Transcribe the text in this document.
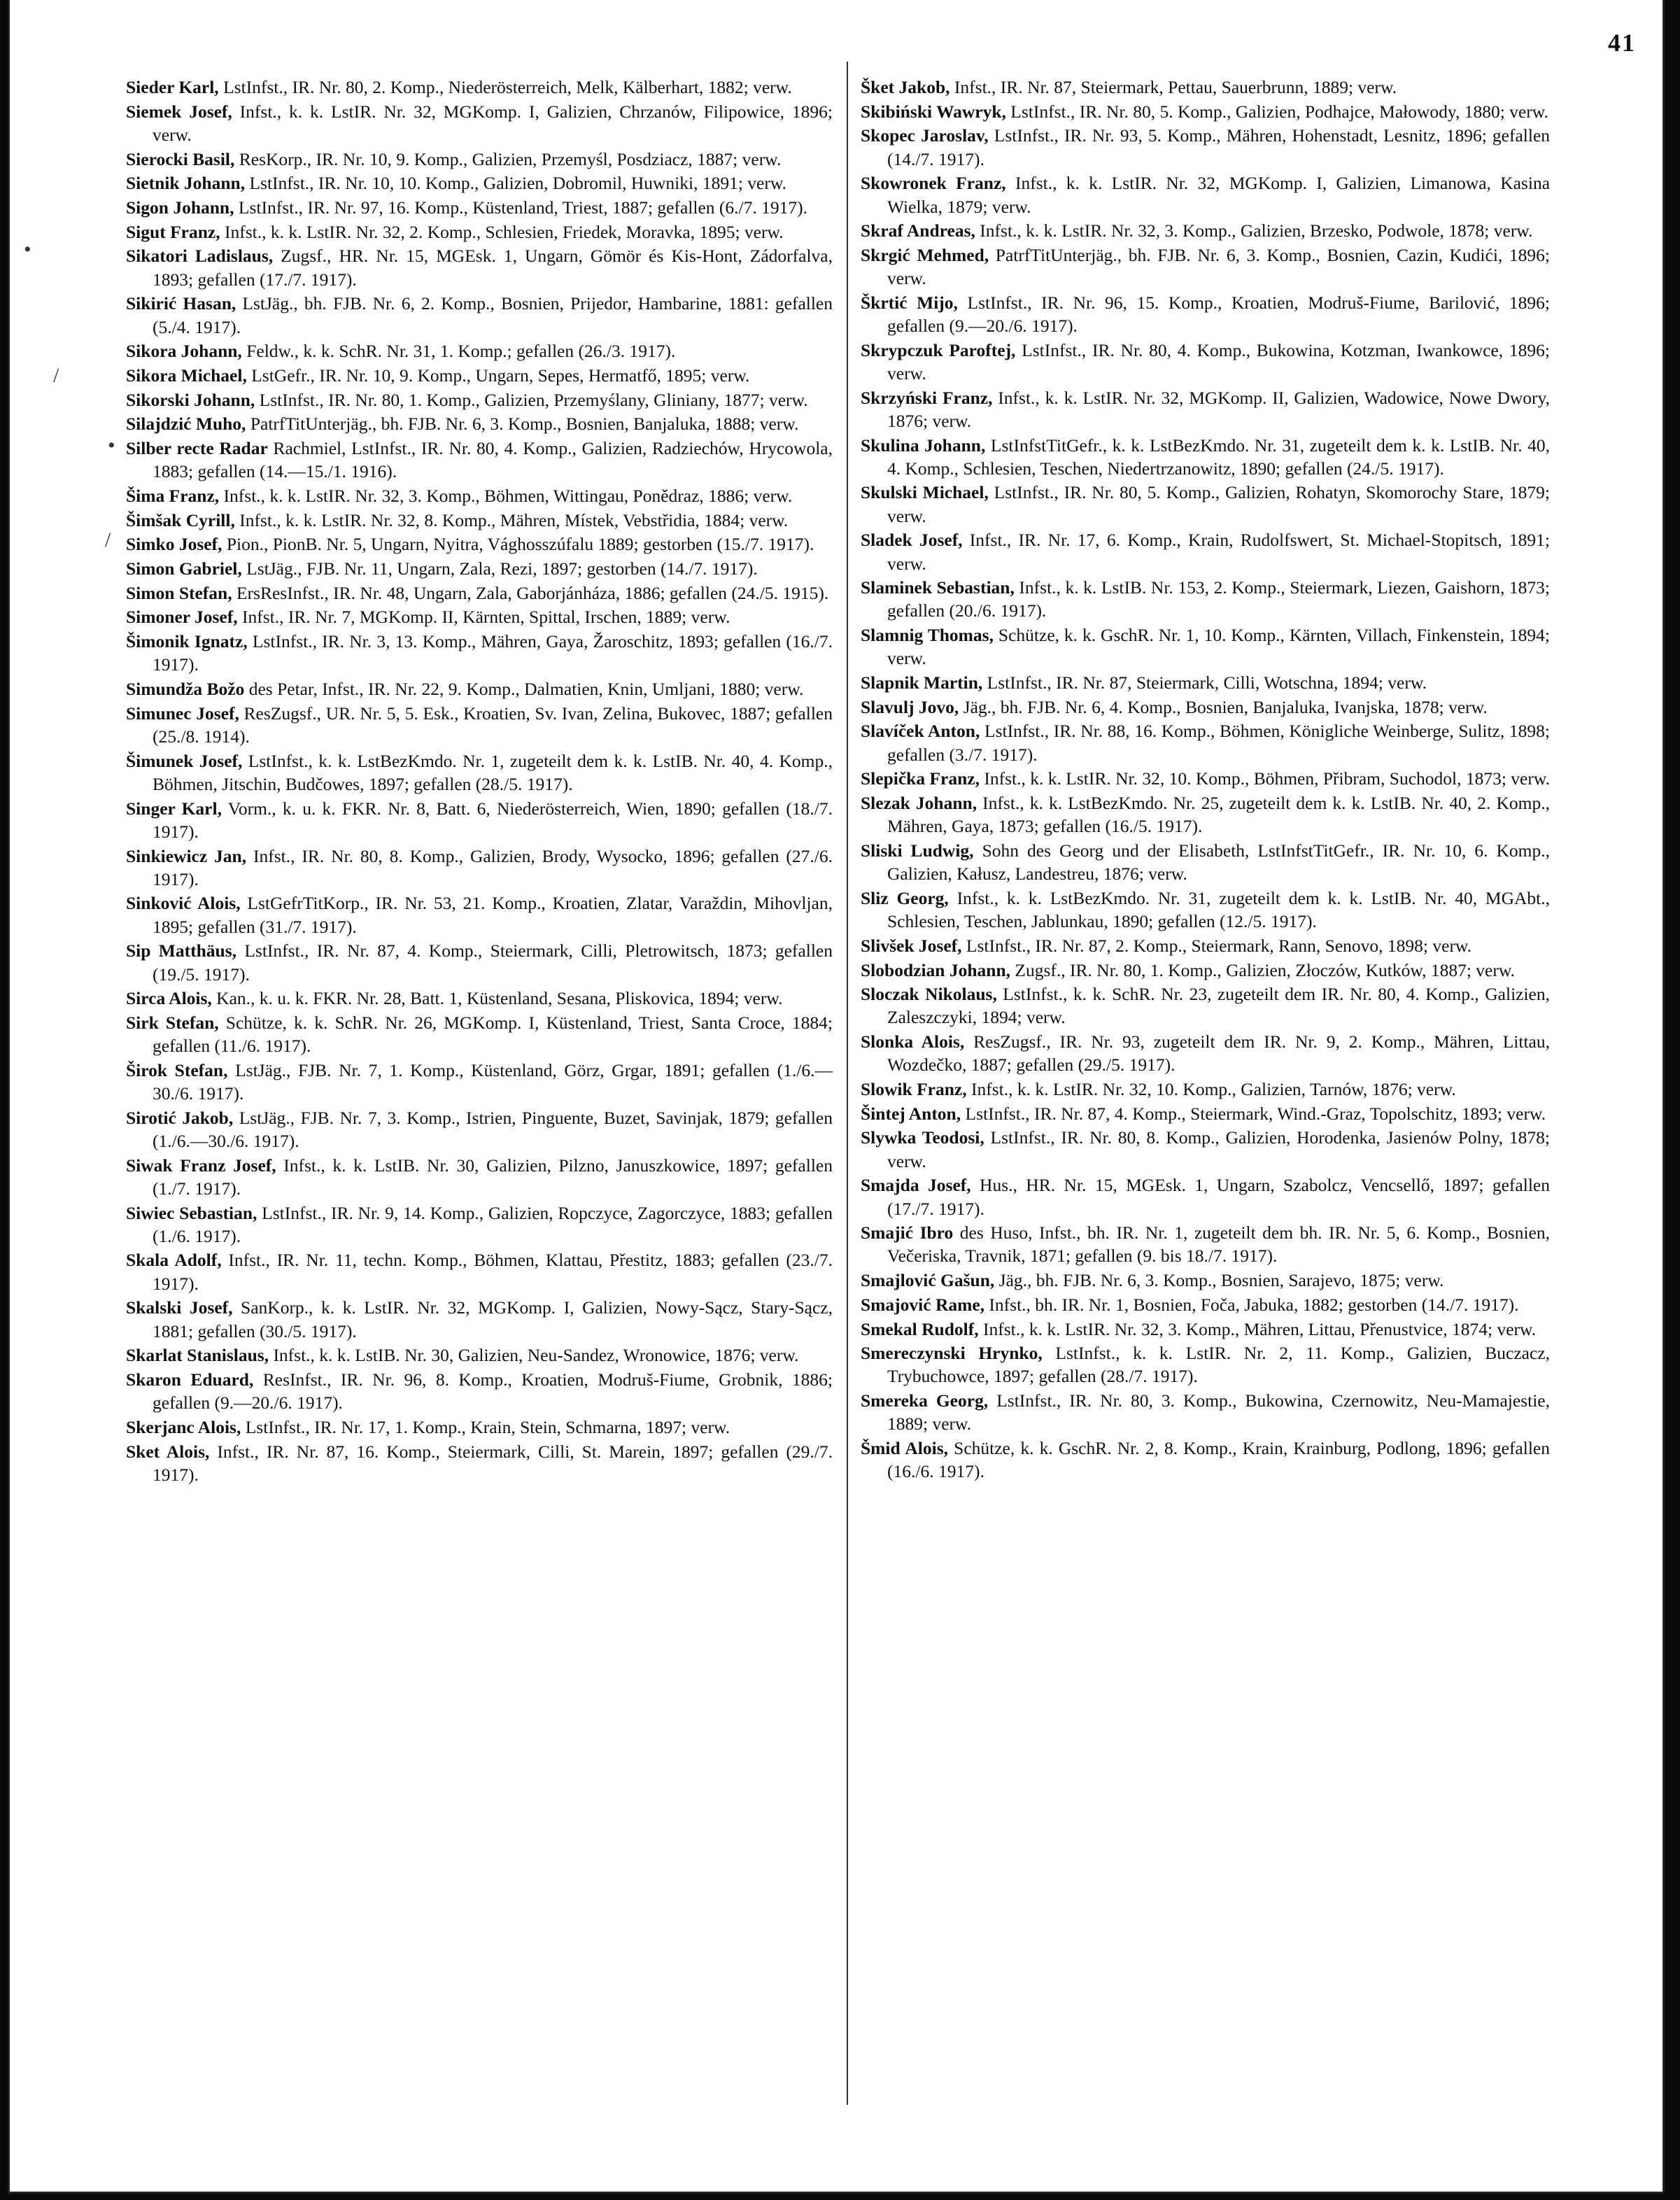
41
•
/
•
/

Sieder Karl, LstInfst., IR. Nr. 80, 2. Komp., Niederösterreich, Melk, Kälberhart, 1882; verw.

Siemek Josef, Infst., k. k. LstIR. Nr. 32, MGKomp. I, Galizien, Chrzanów, Filipowice, 1896; verw.

Sierocki Basil, ResKorp., IR. Nr. 10, 9. Komp., Galizien, Przemyśl, Posdziacz, 1887; verw.

Sietnik Johann, LstInfst., IR. Nr. 10, 10. Komp., Galizien, Dobromil, Huwniki, 1891; verw.

Sigon Johann, LstInfst., IR. Nr. 97, 16. Komp., Küstenland, Triest, 1887; gefallen (6./7. 1917).

Sigut Franz, Infst., k. k. LstIR. Nr. 32, 2. Komp., Schlesien, Friedek, Moravka, 1895; verw.

Sikatori Ladislaus, Zugsf., HR. Nr. 15, MGEsk. 1, Ungarn, Gömör és Kis-Hont, Zádorfalva, 1893; gefallen (17./7. 1917).

Sikirić Hasan, LstJäg., bh. FJB. Nr. 6, 2. Komp., Bosnien, Prijedor, Hambarine, 1881: gefallen (5./4. 1917).

Sikora Johann, Feldw., k. k. SchR. Nr. 31, 1. Komp.; gefallen (26./3. 1917).

Sikora Michael, LstGefr., IR. Nr. 10, 9. Komp., Ungarn, Sepes, Hermatfő, 1895; verw.

Sikorski Johann, LstInfst., IR. Nr. 80, 1. Komp., Galizien, Przemyślany, Gliniany, 1877; verw.

Silajdzić Muho, PatrfTitUnterjäg., bh. FJB. Nr. 6, 3. Komp., Bosnien, Banjaluka, 1888; verw.

Silber recte Radar Rachmiel, LstInfst., IR. Nr. 80, 4. Komp., Galizien, Radziechów, Hrycowola, 1883; gefallen (14.—15./1. 1916).

Šima Franz, Infst., k. k. LstIR. Nr. 32, 3. Komp., Böhmen, Wittingau, Ponědraz, 1886; verw.

Šimšak Cyrill, Infst., k. k. LstIR. Nr. 32, 8. Komp., Mähren, Místek, Vebstřidia, 1884; verw.

Simko Josef, Pion., PionB. Nr. 5, Ungarn, Nyitra, Vághosszúfalu 1889; gestorben (15./7. 1917).

Simon Gabriel, LstJäg., FJB. Nr. 11, Ungarn, Zala, Rezi, 1897; gestorben (14./7. 1917).

Simon Stefan, ErsResInfst., IR. Nr. 48, Ungarn, Zala, Gaborjánháza, 1886; gefallen (24./5. 1915).

Simoner Josef, Infst., IR. Nr. 7, MGKomp. II, Kärnten, Spittal, Irschen, 1889; verw.

Šimonik Ignatz, LstInfst., IR. Nr. 3, 13. Komp., Mähren, Gaya, Žaroschitz, 1893; gefallen (16./7. 1917).

Simundža Božo des Petar, Infst., IR. Nr. 22, 9. Komp., Dalmatien, Knin, Umljani, 1880; verw.

Simunec Josef, ResZugsf., UR. Nr. 5, 5. Esk., Kroatien, Sv. Ivan, Zelina, Bukovec, 1887; gefallen (25./8. 1914).

Šimunek Josef, LstInfst., k. k. LstBezKmdo. Nr. 1, zugeteilt dem k. k. LstIB. Nr. 40, 4. Komp., Böhmen, Jitschin, Budčowes, 1897; gefallen (28./5. 1917).

Singer Karl, Vorm., k. u. k. FKR. Nr. 8, Batt. 6, Niederösterreich, Wien, 1890; gefallen (18./7. 1917).

Sinkiewicz Jan, Infst., IR. Nr. 80, 8. Komp., Galizien, Brody, Wysocko, 1896; gefallen (27./6. 1917).

Sinković Alois, LstGefrTitKorp., IR. Nr. 53, 21. Komp., Kroatien, Zlatar, Varaždin, Mihovljan, 1895; gefallen (31./7. 1917).

Sip Matthäus, LstInfst., IR. Nr. 87, 4. Komp., Steiermark, Cilli, Pletrowitsch, 1873; gefallen (19./5. 1917).

Sirca Alois, Kan., k. u. k. FKR. Nr. 28, Batt. 1, Küstenland, Sesana, Pliskovica, 1894; verw.

Sirk Stefan, Schütze, k. k. SchR. Nr. 26, MGKomp. I, Küstenland, Triest, Santa Croce, 1884; gefallen (11./6. 1917).

Širok Stefan, LstJäg., FJB. Nr. 7, 1. Komp., Küstenland, Görz, Grgar, 1891; gefallen (1./6.—30./6. 1917).

Sirotić Jakob, LstJäg., FJB. Nr. 7, 3. Komp., Istrien, Pinguente, Buzet, Savinjak, 1879; gefallen (1./6.—30./6. 1917).

Siwak Franz Josef, Infst., k. k. LstIB. Nr. 30, Galizien, Pilzno, Januszkowice, 1897; gefallen (1./7. 1917).

Siwiec Sebastian, LstInfst., IR. Nr. 9, 14. Komp., Galizien, Ropczyce, Zagorczyce, 1883; gefallen (1./6. 1917).

Skala Adolf, Infst., IR. Nr. 11, techn. Komp., Böhmen, Klattau, Přestitz, 1883; gefallen (23./7. 1917).

Skalski Josef, SanKorp., k. k. LstIR. Nr. 32, MGKomp. I, Galizien, Nowy-Sącz, Stary-Sącz, 1881; gefallen (30./5. 1917).

Skarlat Stanislaus, Infst., k. k. LstIB. Nr. 30, Galizien, Neu-Sandez, Wronowice, 1876; verw.

Skaron Eduard, ResInfst., IR. Nr. 96, 8. Komp., Kroatien, Modruš-Fiume, Grobnik, 1886; gefallen (9.—20./6. 1917).

Skerjanc Alois, LstInfst., IR. Nr. 17, 1. Komp., Krain, Stein, Schmarna, 1897; verw.

Sket Alois, Infst., IR. Nr. 87, 16. Komp., Steiermark, Cilli, St. Marein, 1897; gefallen (29./7. 1917).

Šket Jakob, Infst., IR. Nr. 87, Steiermark, Pettau, Sauerbrunn, 1889; verw.

Skibiński Wawryk, LstInfst., IR. Nr. 80, 5. Komp., Galizien, Podhajce, Małowody, 1880; verw.

Skopec Jaroslav, LstInfst., IR. Nr. 93, 5. Komp., Mähren, Hohenstadt, Lesnitz, 1896; gefallen (14./7. 1917).

Skowronek Franz, Infst., k. k. LstIR. Nr. 32, MGKomp. I, Galizien, Limanowa, Kasina Wielka, 1879; verw.

Skraf Andreas, Infst., k. k. LstIR. Nr. 32, 3. Komp., Galizien, Brzesko, Podwole, 1878; verw.

Skrgić Mehmed, PatrfTitUnterjäg., bh. FJB. Nr. 6, 3. Komp., Bosnien, Cazin, Kudići, 1896; verw.

Škrtić Mijo, LstInfst., IR. Nr. 96, 15. Komp., Kroatien, Modruš-Fiume, Barilović, 1896; gefallen (9.—20./6. 1917).

Skrypczuk Paroftej, LstInfst., IR. Nr. 80, 4. Komp., Bukowina, Kotzman, Iwankowce, 1896; verw.

Skrzyński Franz, Infst., k. k. LstIR. Nr. 32, MGKomp. II, Galizien, Wadowice, Nowe Dwory, 1876; verw.

Skulina Johann, LstInfstTitGefr., k. k. LstBezKmdo. Nr. 31, zugeteilt dem k. k. LstIB. Nr. 40, 4. Komp., Schlesien, Teschen, Niedertrzanowitz, 1890; gefallen (24./5. 1917).

Skulski Michael, LstInfst., IR. Nr. 80, 5. Komp., Galizien, Rohatyn, Skomorochy Stare, 1879; verw.

Sladek Josef, Infst., IR. Nr. 17, 6. Komp., Krain, Rudolfswert, St. Michael-Stopitsch, 1891; verw.

Slaminek Sebastian, Infst., k. k. LstIB. Nr. 153, 2. Komp., Steiermark, Liezen, Gaishorn, 1873; gefallen (20./6. 1917).

Slamnig Thomas, Schütze, k. k. GschR. Nr. 1, 10. Komp., Kärnten, Villach, Finkenstein, 1894; verw.

Slapnik Martin, LstInfst., IR. Nr. 87, Steiermark, Cilli, Wotschna, 1894; verw.

Slavulj Jovo, Jäg., bh. FJB. Nr. 6, 4. Komp., Bosnien, Banjaluka, Ivanjska, 1878; verw.

Slavíček Anton, LstInfst., IR. Nr. 88, 16. Komp., Böhmen, Königliche Weinberge, Sulitz, 1898; gefallen (3./7. 1917).

Slepička Franz, Infst., k. k. LstIR. Nr. 32, 10. Komp., Böhmen, Přibram, Suchodol, 1873; verw.

Slezak Johann, Infst., k. k. LstBezKmdo. Nr. 25, zugeteilt dem k. k. LstIB. Nr. 40, 2. Komp., Mähren, Gaya, 1873; gefallen (16./5. 1917).

Sliski Ludwig, Sohn des Georg und der Elisabeth, LstInfstTitGefr., IR. Nr. 10, 6. Komp., Galizien, Kałusz, Landestreu, 1876; verw.

Sliz Georg, Infst., k. k. LstBezKmdo. Nr. 31, zugeteilt dem k. k. LstIB. Nr. 40, MGAbt., Schlesien, Teschen, Jablunkau, 1890; gefallen (12./5. 1917).

Slivšek Josef, LstInfst., IR. Nr. 87, 2. Komp., Steiermark, Rann, Senovo, 1898; verw.

Slobodzian Johann, Zugsf., IR. Nr. 80, 1. Komp., Galizien, Złoczów, Kutków, 1887; verw.

Sloczak Nikolaus, LstInfst., k. k. SchR. Nr. 23, zugeteilt dem IR. Nr. 80, 4. Komp., Galizien, Zaleszczyki, 1894; verw.

Slonka Alois, ResZugsf., IR. Nr. 93, zugeteilt dem IR. Nr. 9, 2. Komp., Mähren, Littau, Wozdečko, 1887; gefallen (29./5. 1917).

Slowik Franz, Infst., k. k. LstIR. Nr. 32, 10. Komp., Galizien, Tarnów, 1876; verw.

Šintej Anton, LstInfst., IR. Nr. 87, 4. Komp., Steiermark, Wind.-Graz, Topolschitz, 1893; verw.

Slywka Teodosi, LstInfst., IR. Nr. 80, 8. Komp., Galizien, Horodenka, Jasienów Polny, 1878; verw.

Smajda Josef, Hus., HR. Nr. 15, MGEsk. 1, Ungarn, Szabolcz, Vencsellő, 1897; gefallen (17./7. 1917).

Smajić Ibro des Huso, Infst., bh. IR. Nr. 1, zugeteilt dem bh. IR. Nr. 5, 6. Komp., Bosnien, Večeriska, Travnik, 1871; gefallen (9. bis 18./7. 1917).

Smajlović Gašun, Jäg., bh. FJB. Nr. 6, 3. Komp., Bosnien, Sarajevo, 1875; verw.

Smajović Rame, Infst., bh. IR. Nr. 1, Bosnien, Foča, Jabuka, 1882; gestorben (14./7. 1917).

Smekal Rudolf, Infst., k. k. LstIR. Nr. 32, 3. Komp., Mähren, Littau, Přenustvice, 1874; verw.

Smereczynski Hrynko, LstInfst., k. k. LstIR. Nr. 2, 11. Komp., Galizien, Buczacz, Trybuchowce, 1897; gefallen (28./7. 1917).

Smereka Georg, LstInfst., IR. Nr. 80, 3. Komp., Bukowina, Czernowitz, Neu-Mamajestie, 1889; verw.

Šmid Alois, Schütze, k. k. GschR. Nr. 2, 8. Komp., Krain, Krainburg, Podlong, 1896; gefallen (16./6. 1917).
